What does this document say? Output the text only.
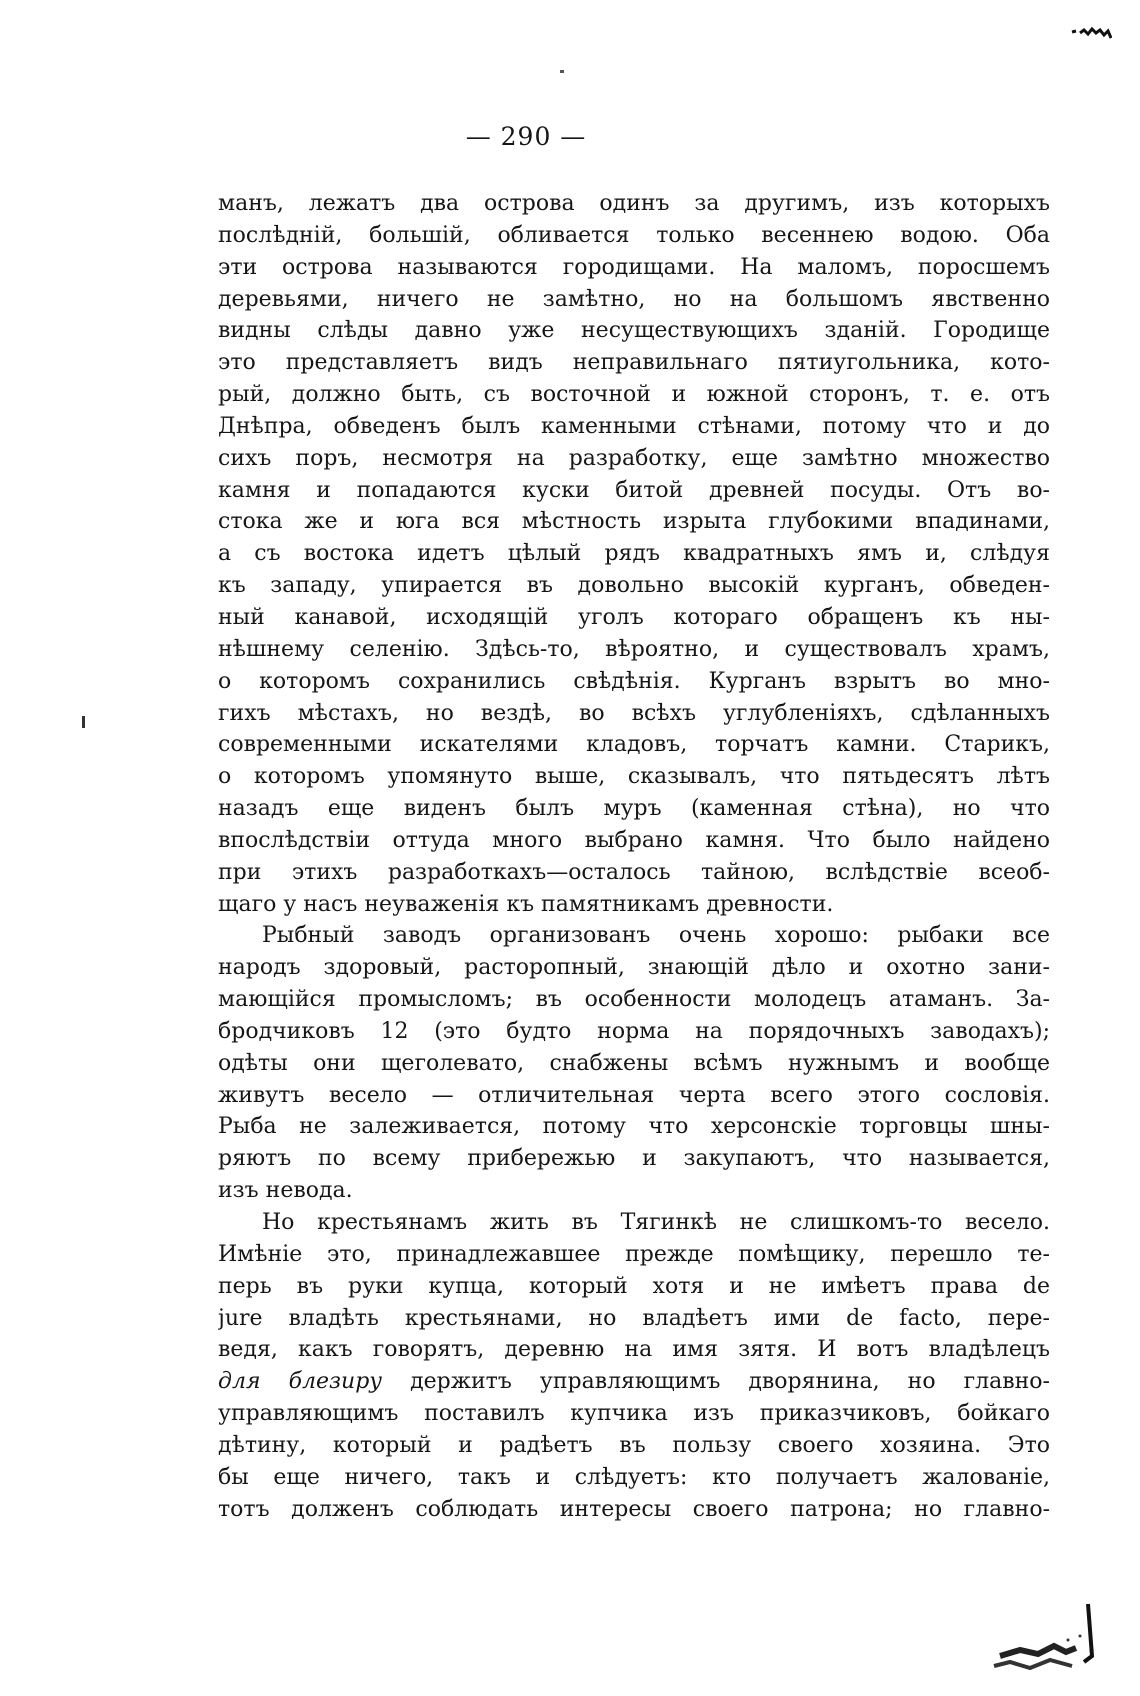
— 290 —
манъ, лежатъ два острова одинъ за другимъ, изъ которыхъ
послѣднiй, большiй, обливается только весеннею водою. Оба
эти острова называются городищами. На маломъ, поросшемъ
деревьями, ничего не замѣтно, но на большомъ явственно
видны слѣды давно уже несуществующихъ зданiй. Городище
это представляетъ видъ неправильнаго пятиугольника, кото-
рый, должно быть, съ восточной и южной сторонъ, т. е. отъ
Днѣпра, обведенъ былъ каменными стѣнами, потому что и до
сихъ поръ, несмотря на разработку, еще замѣтно множество
камня и попадаются куски битой древней посуды. Отъ во-
стока же и юга вся мѣстность изрыта глубокими впадинами,
а съ востока идетъ цѣлый рядъ квадратныхъ ямъ и, слѣдуя
къ западу, упирается въ довольно высокiй курганъ, обведен-
ный канавой, исходящiй уголъ котораго обращенъ къ ны-
нѣшнему селенiю. Здѣсь-то, вѣроятно, и существовалъ храмъ,
о которомъ сохранились свѣдѣнiя. Курганъ взрытъ во мно-
гихъ мѣстахъ, но вездѣ, во всѣхъ углубленiяхъ, сдѣланныхъ
современными искателями кладовъ, торчатъ камни. Старикъ,
о которомъ упомянуто выше, сказывалъ, что пятьдесятъ лѣтъ
назадъ еще виденъ былъ муръ (каменная стѣна), но что
впослѣдствiи оттуда много выбрано камня. Что было найдено
при этихъ разработкахъ—осталось тайною, вслѣдствiе всеоб-
щаго у насъ неуваженiя къ памятникамъ древности.
Рыбный заводъ организованъ очень хорошо: рыбаки все
народъ здоровый, расторопный, знающiй дѣло и охотно зани-
мающiйся промысломъ; въ особенности молодецъ атаманъ. За-
бродчиковъ 12 (это будто норма на порядочныхъ заводахъ);
одѣты они щеголевато, снабжены всѣмъ нужнымъ и вообще
живутъ весело — отличительная черта всего этого сословiя.
Рыба не залеживается, потому что херсонскiе торговцы шны-
ряютъ по всему прибережью и закупаютъ, что называется,
изъ невода.
Но крестьянамъ жить въ Тягинкѣ не слишкомъ-то весело.
Имѣнiе это, принадлежавшее прежде помѣщику, перешло те-
перь въ руки купца, который хотя и не имѣетъ права de
jure владѣть крестьянами, но владѣетъ ими de facto, пере-
ведя, какъ говорятъ, деревню на имя зятя. И вотъ владѣлецъ
для блезиру держитъ управляющимъ дворянина, но главно-
управляющимъ поставилъ купчика изъ приказчиковъ, бойкаго
дѣтину, который и радѣетъ въ пользу своего хозяина. Это
бы еще ничего, такъ и слѣдуетъ: кто получаетъ жалованiе,
тотъ долженъ соблюдать интересы своего патрона; но главно-
